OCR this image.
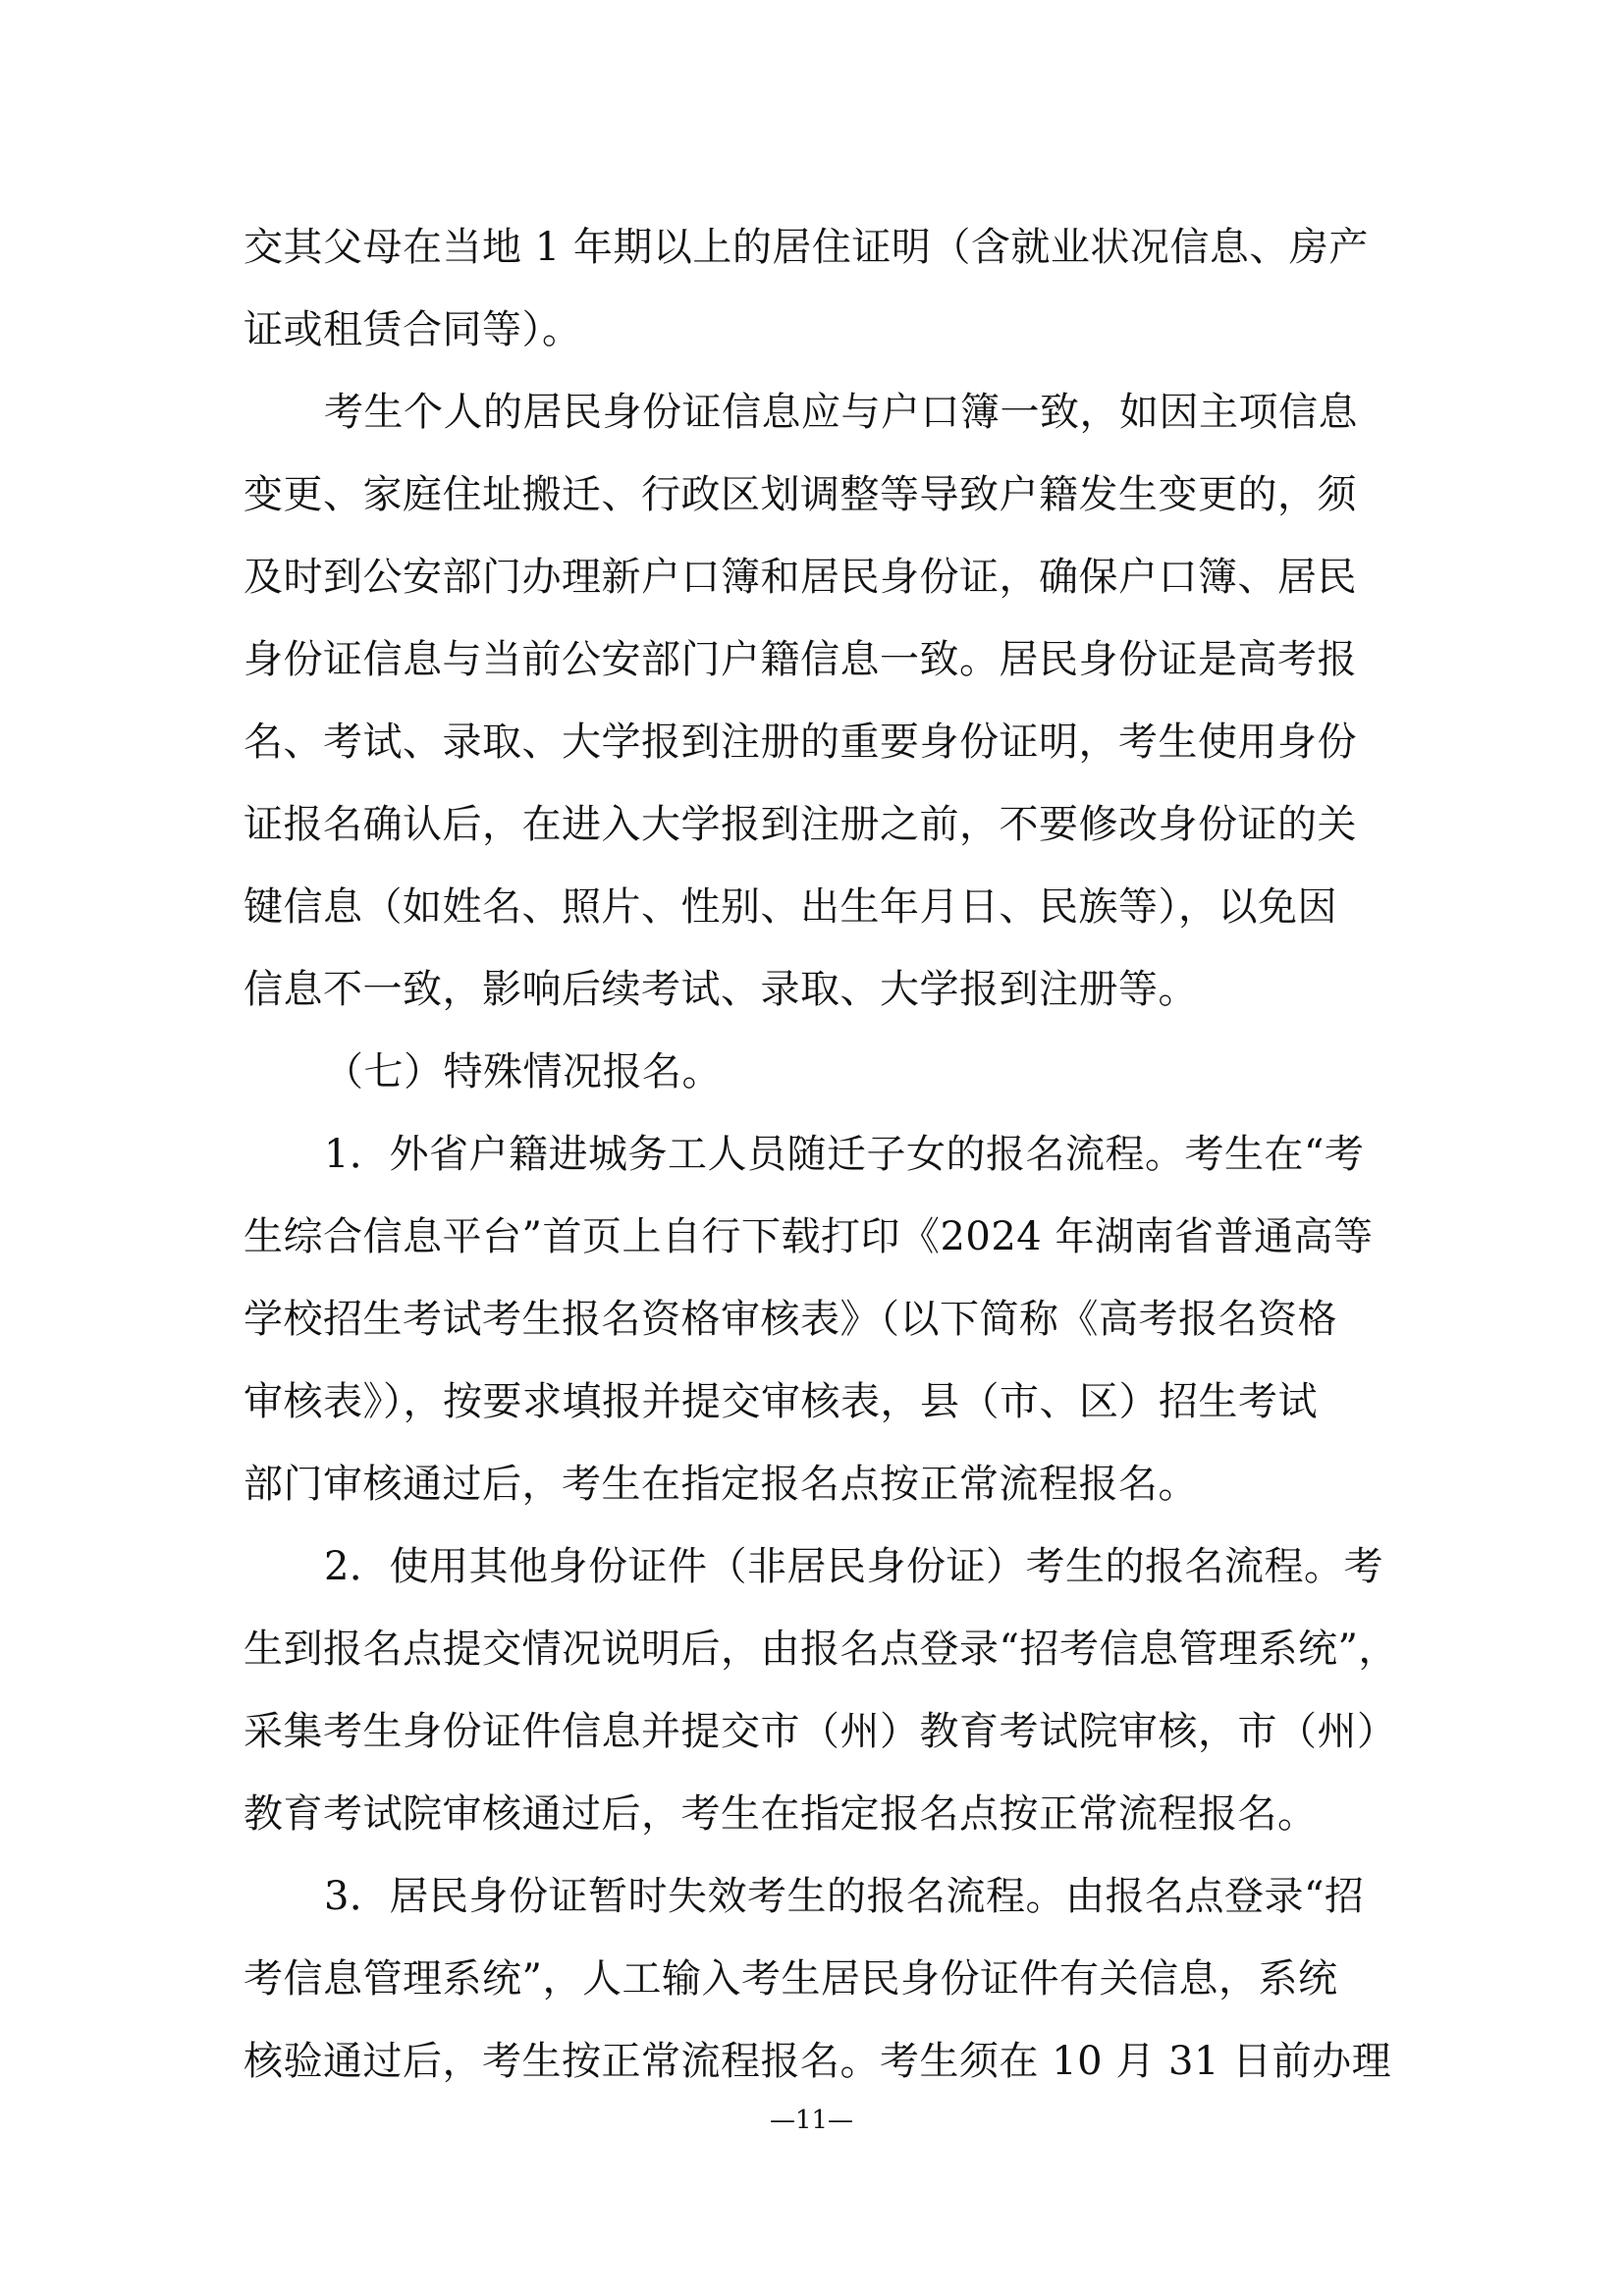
交其父母在当地 1 年期以上的居住证明（含就业状况信息、房产
证或租赁合同等）。
考生个人的居民身份证信息应与户口簿一致，如因主项信息
变更、家庭住址搬迁、行政区划调整等导致户籍发生变更的，须
及时到公安部门办理新户口簿和居民身份证，确保户口簿、居民
身份证信息与当前公安部门户籍信息一致。居民身份证是高考报
名、考试、录取、大学报到注册的重要身份证明，考生使用身份
证报名确认后，在进入大学报到注册之前，不要修改身份证的关
键信息（如姓名、照片、性别、出生年月日、民族等），以免因
信息不一致，影响后续考试、录取、大学报到注册等。
（七）特殊情况报名。
1．外省户籍进城务工人员随迁子女的报名流程。考生在“考
生综合信息平台”首页上自行下载打印《2024 年湖南省普通高等
学校招生考试考生报名资格审核表》（以下简称《高考报名资格
审核表》），按要求填报并提交审核表，县（市、区）招生考试
部门审核通过后，考生在指定报名点按正常流程报名。
2．使用其他身份证件（非居民身份证）考生的报名流程。考
生到报名点提交情况说明后，由报名点登录“招考信息管理系统”，
采集考生身份证件信息并提交市（州）教育考试院审核，市（州）
教育考试院审核通过后，考生在指定报名点按正常流程报名。
3．居民身份证暂时失效考生的报名流程。由报名点登录“招
考信息管理系统”，人工输入考生居民身份证件有关信息，系统
核验通过后，考生按正常流程报名。考生须在 10 月 31 日前办理
—11—
